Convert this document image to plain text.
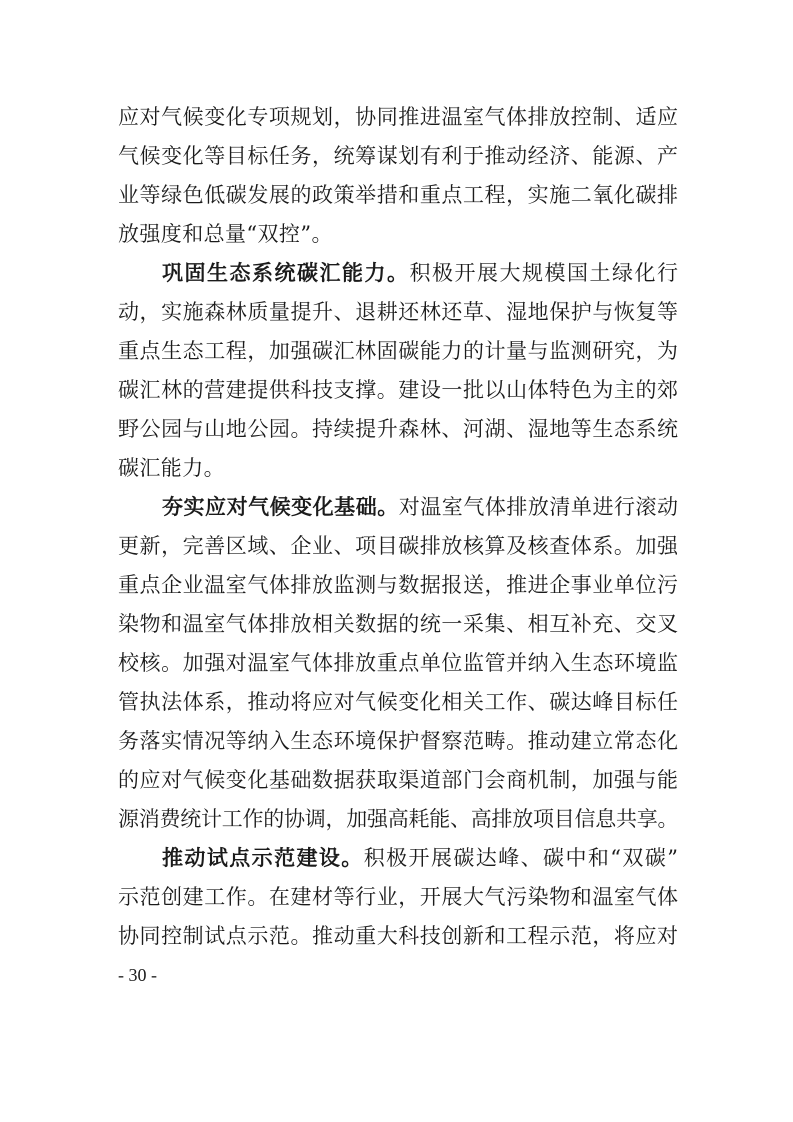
应对气候变化专项规划，协同推进温室气体排放控制、适应
气候变化等目标任务，统筹谋划有利于推动经济、能源、产
业等绿色低碳发展的政策举措和重点工程，实施二氧化碳排
放强度和总量“双控”。
巩固生态系统碳汇能力。积极开展大规模国土绿化行
动，实施森林质量提升、退耕还林还草、湿地保护与恢复等
重点生态工程，加强碳汇林固碳能力的计量与监测研究，为
碳汇林的营建提供科技支撑。建设一批以山体特色为主的郊
野公园与山地公园。持续提升森林、河湖、湿地等生态系统
碳汇能力。
夯实应对气候变化基础。对温室气体排放清单进行滚动
更新，完善区域、企业、项目碳排放核算及核查体系。加强
重点企业温室气体排放监测与数据报送，推进企事业单位污
染物和温室气体排放相关数据的统一采集、相互补充、交叉
校核。加强对温室气体排放重点单位监管并纳入生态环境监
管执法体系，推动将应对气候变化相关工作、碳达峰目标任
务落实情况等纳入生态环境保护督察范畴。推动建立常态化
的应对气候变化基础数据获取渠道部门会商机制，加强与能
源消费统计工作的协调，加强高耗能、高排放项目信息共享。
推动试点示范建设。积极开展碳达峰、碳中和“双碳”
示范创建工作。在建材等行业，开展大气污染物和温室气体
协同控制试点示范。推动重大科技创新和工程示范，将应对
- 30 -
